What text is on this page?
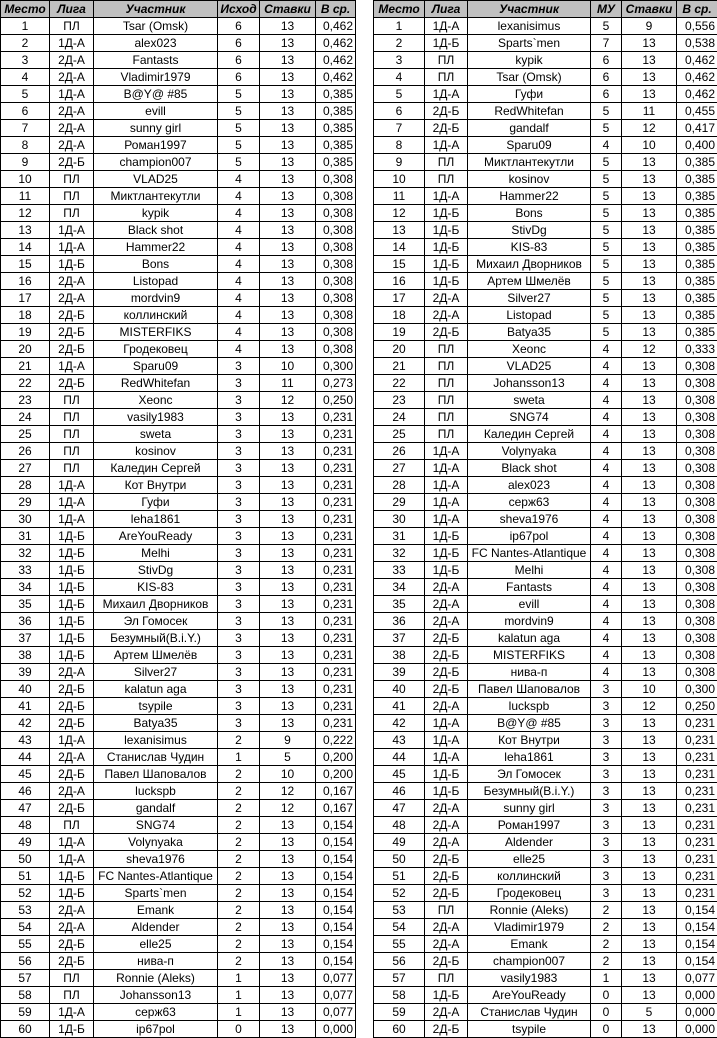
Место	Лига	Участник	Исход	Ставки	В ср.
1	ПЛ	Tsar (Omsk)	6	13	0,462
2	1Д-А	alex023	6	13	0,462
3	2Д-А	Fantasts	6	13	0,462
4	2Д-А	Vladimir1979	6	13	0,462
5	1Д-А	B@Y@ #85	5	13	0,385
6	2Д-А	evill	5	13	0,385
7	2Д-А	sunny girl	5	13	0,385
8	2Д-А	Роман1997	5	13	0,385
9	2Д-Б	champion007	5	13	0,385
10	ПЛ	VLAD25	4	13	0,308
11	ПЛ	Миктлантекутли	4	13	0,308
12	ПЛ	kypik	4	13	0,308
13	1Д-А	Black shot	4	13	0,308
14	1Д-А	Hammer22	4	13	0,308
15	1Д-Б	Bons	4	13	0,308
16	2Д-А	Listopad	4	13	0,308
17	2Д-А	mordvin9	4	13	0,308
18	2Д-Б	коллинский	4	13	0,308
19	2Д-Б	MISTERFIKS	4	13	0,308
20	2Д-Б	Гродековец	4	13	0,308
21	1Д-А	Sparu09	3	10	0,300
22	2Д-Б	RedWhitefan	3	11	0,273
23	ПЛ	Xeonc	3	12	0,250
24	ПЛ	vasily1983	3	13	0,231
25	ПЛ	sweta	3	13	0,231
26	ПЛ	kosinov	3	13	0,231
27	ПЛ	Каледин Сергей	3	13	0,231
28	1Д-А	Кот Внутри	3	13	0,231
29	1Д-А	Гуфи	3	13	0,231
30	1Д-А	leha1861	3	13	0,231
31	1Д-Б	AreYouReady	3	13	0,231
32	1Д-Б	Melhi	3	13	0,231
33	1Д-Б	StivDg	3	13	0,231
34	1Д-Б	KIS-83	3	13	0,231
35	1Д-Б	Михаил Дворников	3	13	0,231
36	1Д-Б	Эл Гомосек	3	13	0,231
37	1Д-Б	Безумный(B.i.Y.)	3	13	0,231
38	1Д-Б	Артем Шмелёв	3	13	0,231
39	2Д-А	Silver27	3	13	0,231
40	2Д-Б	kalatun aga	3	13	0,231
41	2Д-Б	tsypile	3	13	0,231
42	2Д-Б	Batya35	3	13	0,231
43	1Д-А	lexanisimus	2	9	0,222
44	2Д-А	Станислав Чудин	1	5	0,200
45	2Д-Б	Павел Шаповалов	2	10	0,200
46	2Д-А	luckspb	2	12	0,167
47	2Д-Б	gandalf	2	12	0,167
48	ПЛ	SNG74	2	13	0,154
49	1Д-А	Volynyaka	2	13	0,154
50	1Д-А	sheva1976	2	13	0,154
51	1Д-Б	FC Nantes-Atlantique	2	13	0,154
52	1Д-Б	Sparts`men	2	13	0,154
53	2Д-А	Emank	2	13	0,154
54	2Д-А	Aldender	2	13	0,154
55	2Д-Б	elle25	2	13	0,154
56	2Д-Б	нива-п	2	13	0,154
57	ПЛ	Ronnie (Aleks)	1	13	0,077
58	ПЛ	Johansson13	1	13	0,077
59	1Д-А	серж63	1	13	0,077
60	1Д-Б	ip67pol	0	13	0,000
Место	Лига	Участник	МУ	Ставки	В ср.
1	1Д-А	lexanisimus	5	9	0,556
2	1Д-Б	Sparts`men	7	13	0,538
3	ПЛ	kypik	6	13	0,462
4	ПЛ	Tsar (Omsk)	6	13	0,462
5	1Д-А	Гуфи	6	13	0,462
6	2Д-Б	RedWhitefan	5	11	0,455
7	2Д-Б	gandalf	5	12	0,417
8	1Д-А	Sparu09	4	10	0,400
9	ПЛ	Миктлантекутли	5	13	0,385
10	ПЛ	kosinov	5	13	0,385
11	1Д-А	Hammer22	5	13	0,385
12	1Д-Б	Bons	5	13	0,385
13	1Д-Б	StivDg	5	13	0,385
14	1Д-Б	KIS-83	5	13	0,385
15	1Д-Б	Михаил Дворников	5	13	0,385
16	1Д-Б	Артем Шмелёв	5	13	0,385
17	2Д-А	Silver27	5	13	0,385
18	2Д-А	Listopad	5	13	0,385
19	2Д-Б	Batya35	5	13	0,385
20	ПЛ	Xeonc	4	12	0,333
21	ПЛ	VLAD25	4	13	0,308
22	ПЛ	Johansson13	4	13	0,308
23	ПЛ	sweta	4	13	0,308
24	ПЛ	SNG74	4	13	0,308
25	ПЛ	Каледин Сергей	4	13	0,308
26	1Д-А	Volynyaka	4	13	0,308
27	1Д-А	Black shot	4	13	0,308
28	1Д-А	alex023	4	13	0,308
29	1Д-А	серж63	4	13	0,308
30	1Д-А	sheva1976	4	13	0,308
31	1Д-Б	ip67pol	4	13	0,308
32	1Д-Б	FC Nantes-Atlantique	4	13	0,308
33	1Д-Б	Melhi	4	13	0,308
34	2Д-А	Fantasts	4	13	0,308
35	2Д-А	evill	4	13	0,308
36	2Д-А	mordvin9	4	13	0,308
37	2Д-Б	kalatun aga	4	13	0,308
38	2Д-Б	MISTERFIKS	4	13	0,308
39	2Д-Б	нива-п	4	13	0,308
40	2Д-Б	Павел Шаповалов	3	10	0,300
41	2Д-А	luckspb	3	12	0,250
42	1Д-А	B@Y@ #85	3	13	0,231
43	1Д-А	Кот Внутри	3	13	0,231
44	1Д-А	leha1861	3	13	0,231
45	1Д-Б	Эл Гомосек	3	13	0,231
46	1Д-Б	Безумный(B.i.Y.)	3	13	0,231
47	2Д-А	sunny girl	3	13	0,231
48	2Д-А	Роман1997	3	13	0,231
49	2Д-А	Aldender	3	13	0,231
50	2Д-Б	elle25	3	13	0,231
51	2Д-Б	коллинский	3	13	0,231
52	2Д-Б	Гродековец	3	13	0,231
53	ПЛ	Ronnie (Aleks)	2	13	0,154
54	2Д-А	Vladimir1979	2	13	0,154
55	2Д-А	Emank	2	13	0,154
56	2Д-Б	champion007	2	13	0,154
57	ПЛ	vasily1983	1	13	0,077
58	1Д-Б	AreYouReady	0	13	0,000
59	2Д-А	Станислав Чудин	0	5	0,000
60	2Д-Б	tsypile	0	13	0,000
